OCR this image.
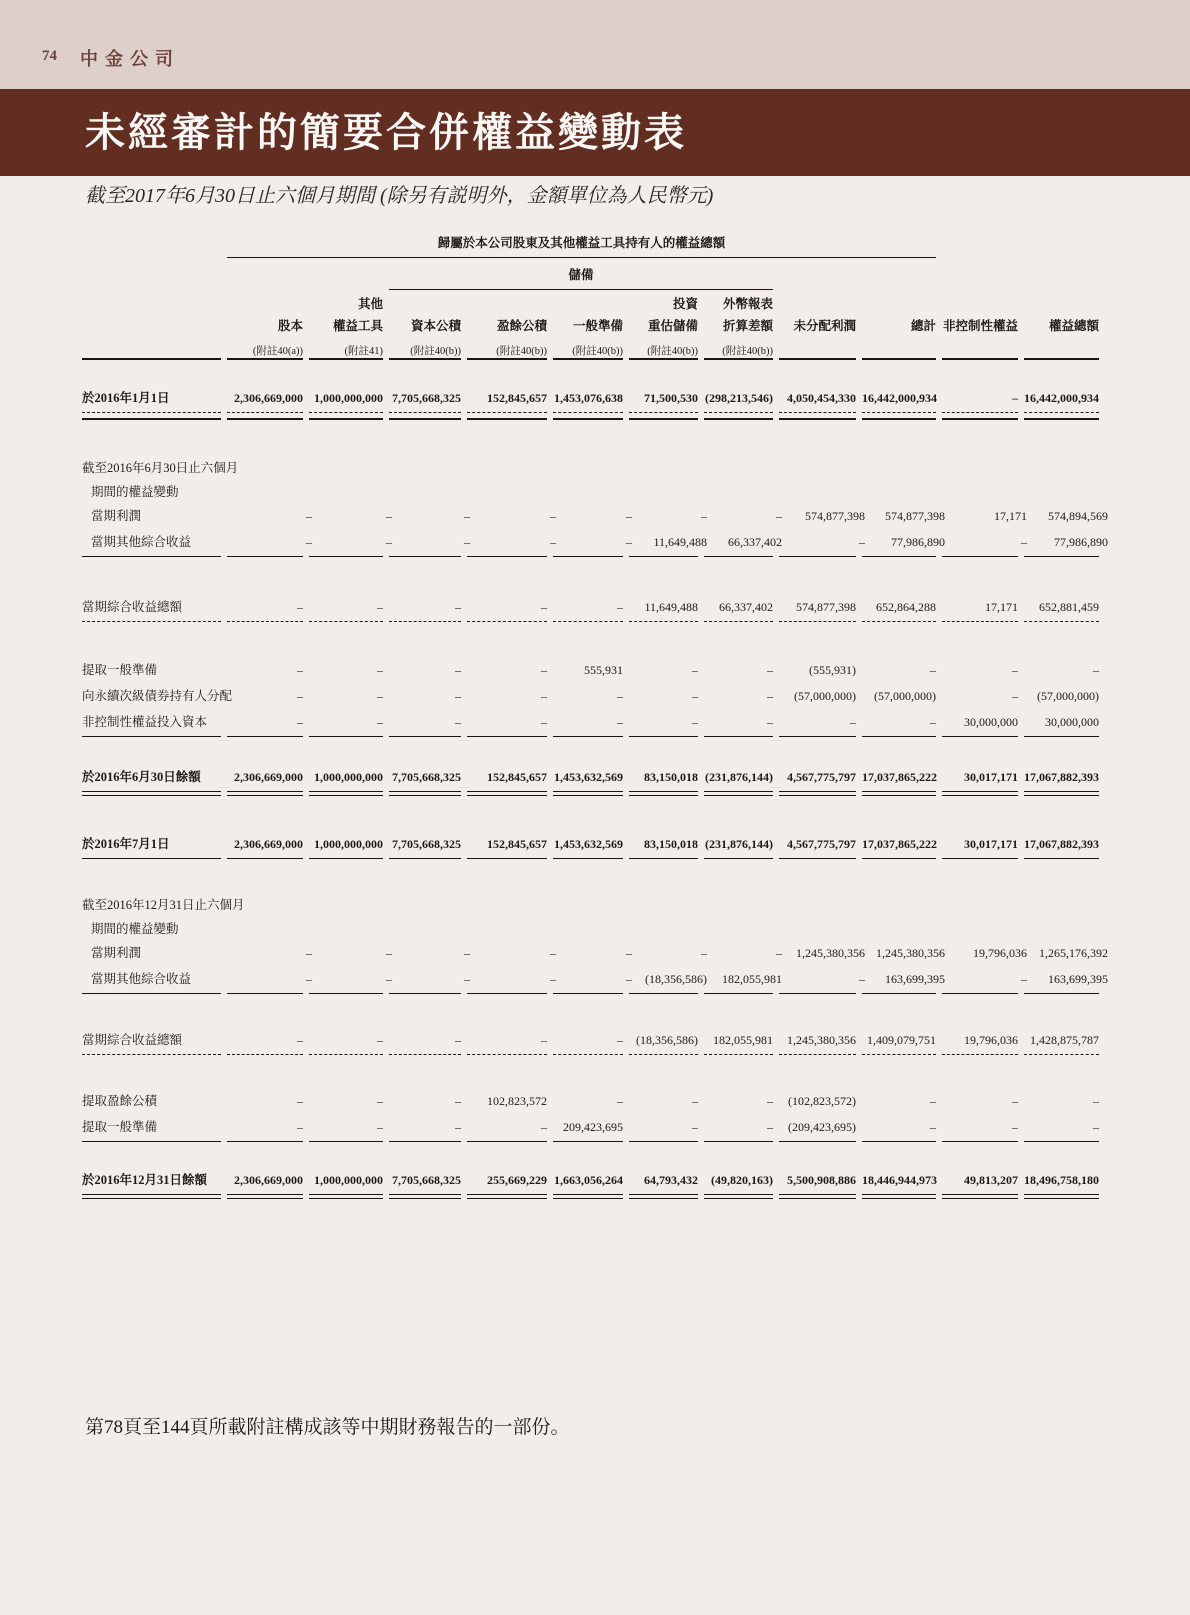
74 中金公司
未經審計的簡要合併權益變動表
截至2017年6月30日止六個月期間 (除另有説明外，金額單位為人民幣元)
歸屬於本公司股東及其他權益工具持有人的權益總額
儲備
其他	投資	外幣報表
股本	權益工具	資本公積	盈餘公積	一般準備	重估儲備	折算差額	未分配利潤	總計 非控制性權益	權益總額
(附註40(a))	(附註41)	(附註40(b))	(附註40(b))	(附註40(b))	(附註40(b))	(附註40(b))
於2016年1月1日	2,306,669,000 1,000,000,000 7,705,668,325	152,845,657 1,453,076,638	71,500,530 (298,213,546)	4,050,454,330 16,442,000,934	– 16,442,000,934
截至2016年6月30日止六個月
期間的權益變動
當期利潤	–	–	–	–	–	–	–	574,877,398	574,877,398	17,171	574,894,569
當期其他綜合收益	–	–	–	–	–	11,649,488	66,337,402	–	77,986,890	–	77,986,890
當期綜合收益總額	–	–	–	–	–	11,649,488	66,337,402	574,877,398	652,864,288	17,171	652,881,459
提取一般準備	–	–	–	–	555,931	–	–	(555,931)	–	–	–
向永續次級債券持有人分配	–	–	–	–	–	–	–	(57,000,000)	(57,000,000)	–	(57,000,000)
非控制性權益投入資本	–	–	–	–	–	–	–	–	–	30,000,000	30,000,000
於2016年6月30日餘額	2,306,669,000 1,000,000,000 7,705,668,325	152,845,657 1,453,632,569	83,150,018 (231,876,144)	4,567,775,797 17,037,865,222	30,017,171 17,067,882,393
於2016年7月1日	2,306,669,000 1,000,000,000 7,705,668,325	152,845,657 1,453,632,569	83,150,018 (231,876,144)	4,567,775,797 17,037,865,222	30,017,171 17,067,882,393
截至2016年12月31日止六個月
期間的權益變動
當期利潤	–	–	–	–	–	–	–	1,245,380,356 1,245,380,356	19,796,036	1,265,176,392
當期其他綜合收益	–	–	–	–	–	(18,356,586)	182,055,981	–	163,699,395	–	163,699,395
當期綜合收益總額	–	–	–	–	–	(18,356,586)	182,055,981	1,245,380,356 1,409,079,751	19,796,036	1,428,875,787
提取盈餘公積	–	–	–	102,823,572	–	–	–	(102,823,572)	–	–	–
提取一般準備	–	–	–	–	209,423,695	–	–	(209,423,695)	–	–	–
於2016年12月31日餘額	2,306,669,000 1,000,000,000 7,705,668,325	255,669,229 1,663,056,264	64,793,432	(49,820,163)	5,500,908,886 18,446,944,973	49,813,207 18,496,758,180
第78頁至144頁所載附註構成該等中期財務報告的一部份。
